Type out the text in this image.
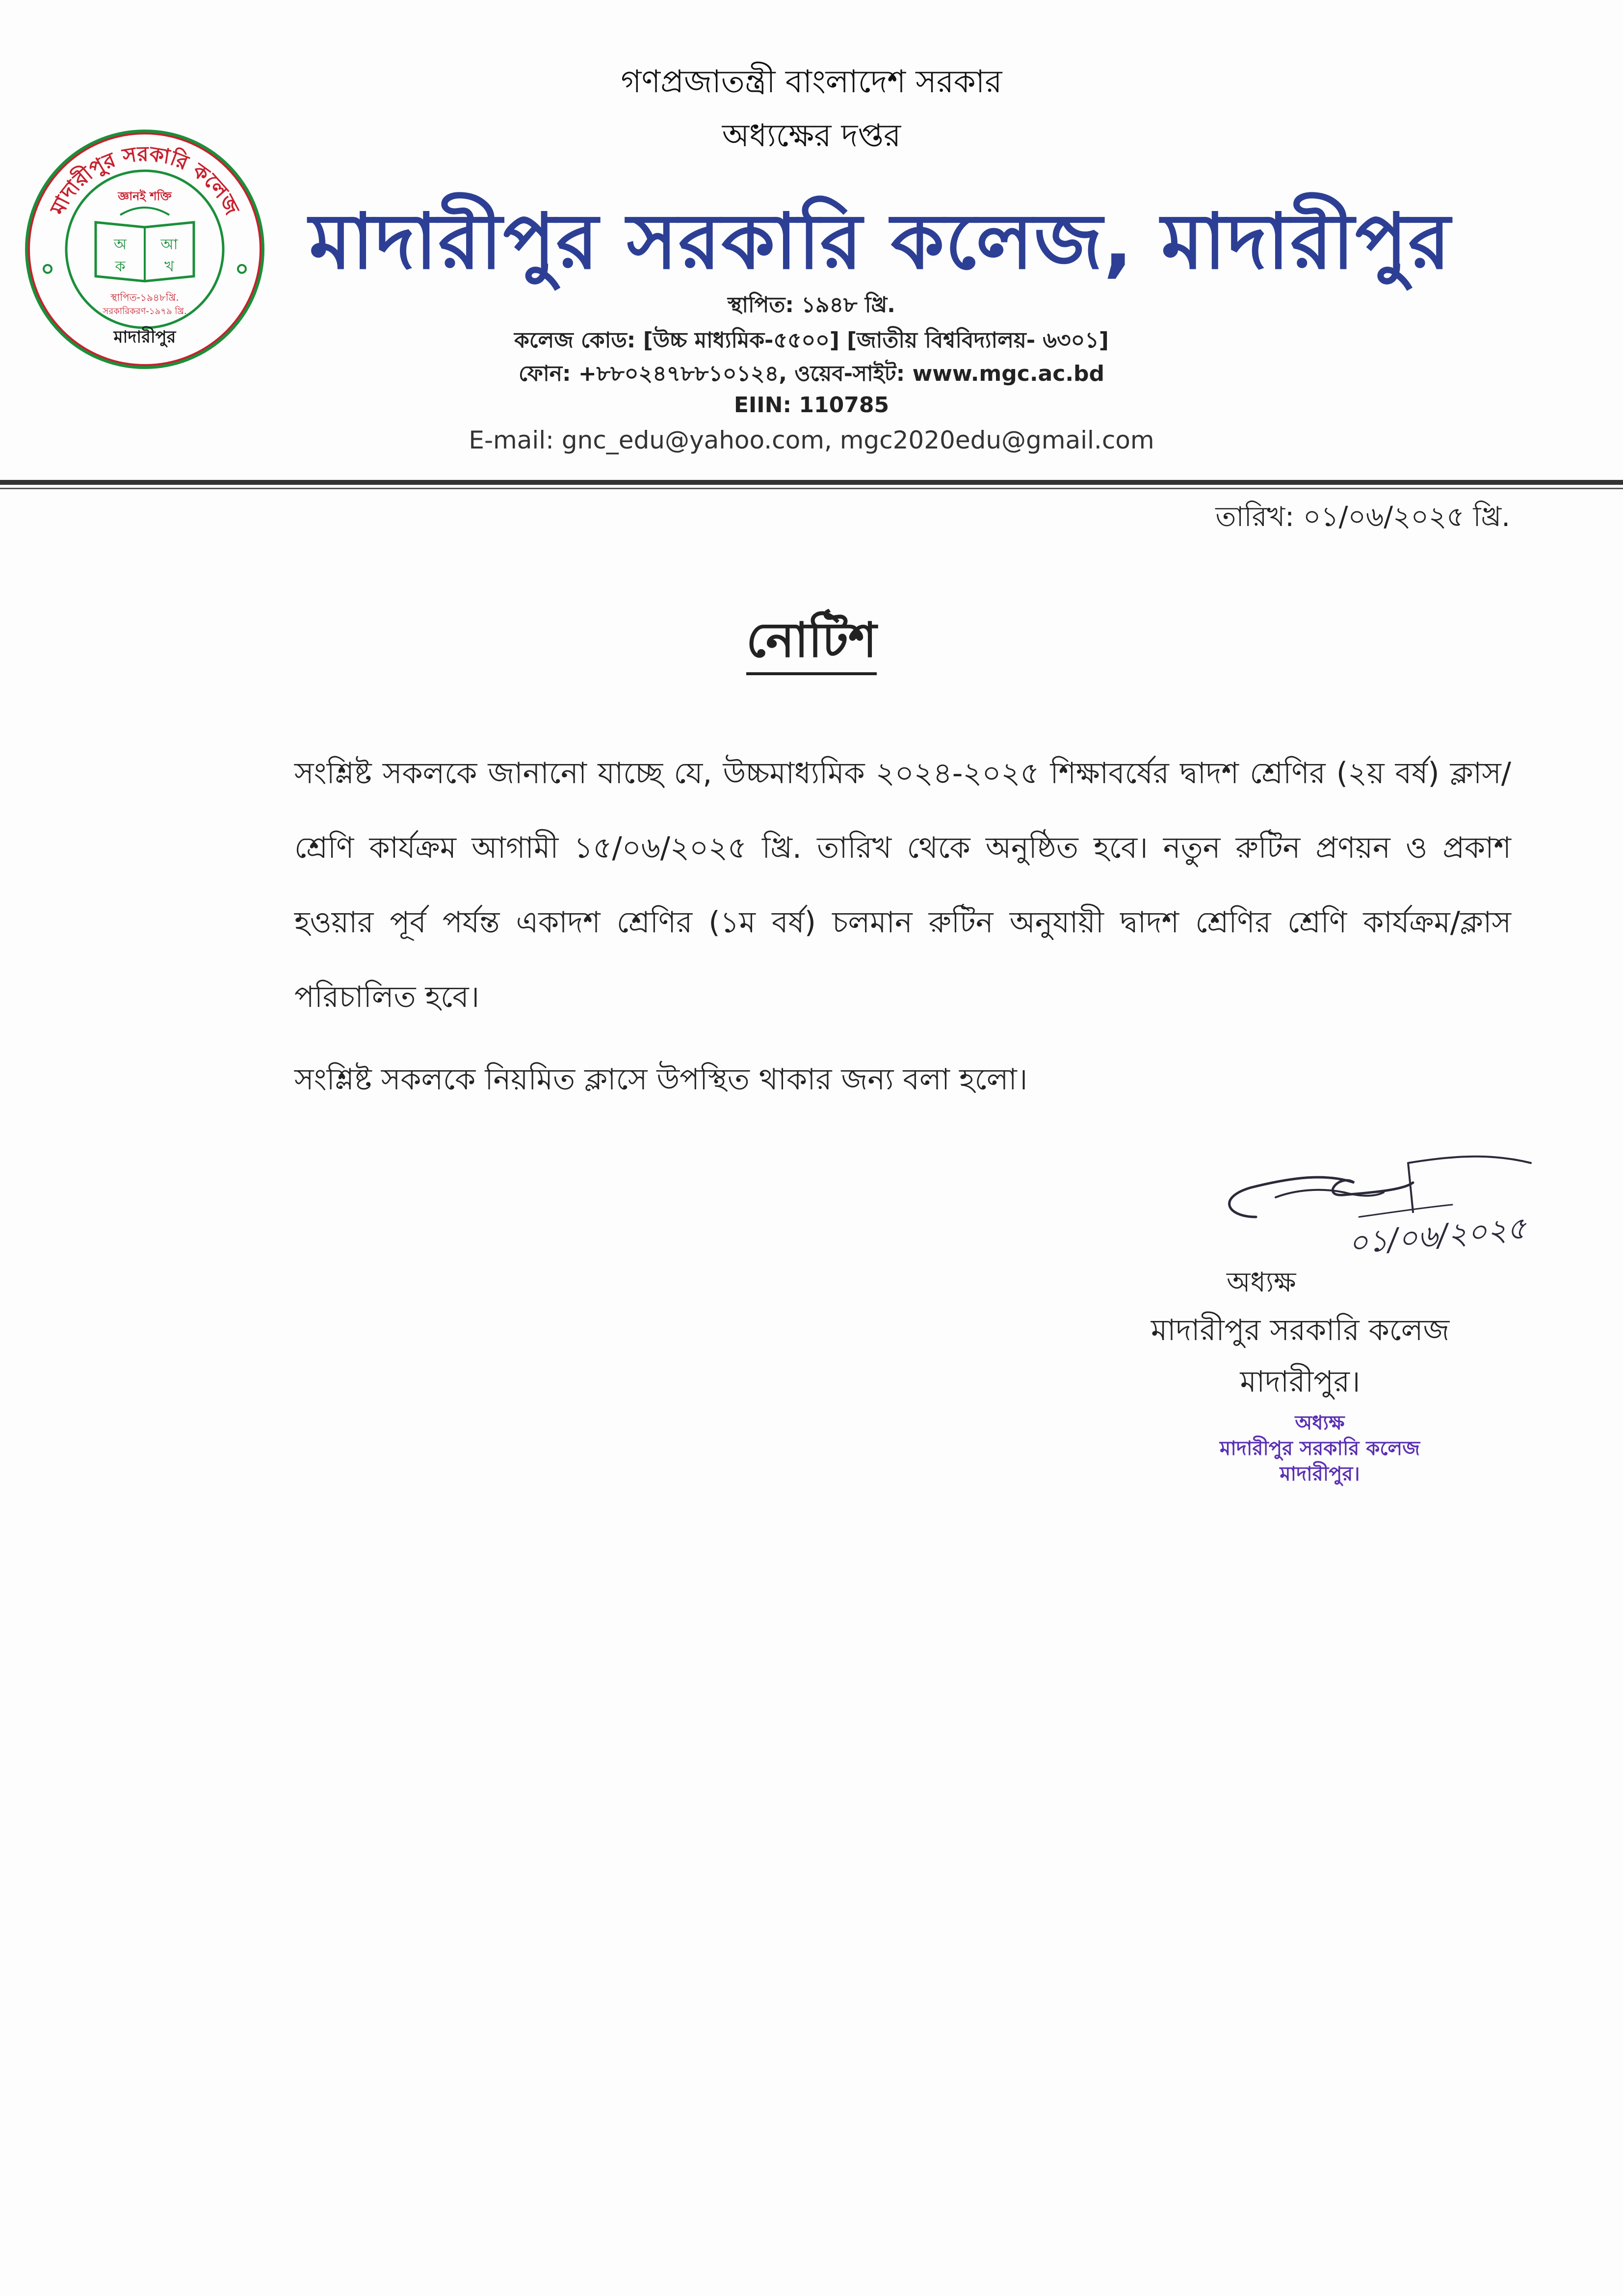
মাদারীপুর সরকারি কলেজ
জ্ঞানই শক্তি
অ আ
ক	খ
স্থাপিত-১৯৪৮খ্রি.
সরকারিকরণ-১৯৭৯ খ্রি.
মাদারীপুর
গণপ্রজাতন্ত্রী বাংলাদেশ সরকার
অধ্যক্ষের দপ্তর
মাদারীপুর সরকারি কলেজ, মাদারীপুর
স্থাপিত: ১৯৪৮ খ্রি.
কলেজ কোড: [উচ্চ মাধ্যমিক-৫৫০০] [জাতীয় বিশ্ববিদ্যালয়- ৬৩০১]
ফোন: +৮৮০২৪৭৮৮১০১২৪, ওয়েব-সাইট: www.mgc.ac.bd
EIIN: 110785
E-mail: gnc_edu@yahoo.com, mgc2020edu@gmail.com
তারিখ: ০১/০৬/২০২৫ খ্রি.
নোটিশ
সংশ্লিষ্ট সকলকে জানানো যাচ্ছে যে, উচ্চমাধ্যমিক ২০২৪-২০২৫ শিক্ষাবর্ষের দ্বাদশ শ্রেণির (২য় বর্ষ) ক্লাস/শ্রেণি কার্যক্রম আগামী ১৫/০৬/২০২৫ খ্রি. তারিখ থেকে অনুষ্ঠিত হবে। নতুন রুটিন প্রণয়ন ও প্রকাশ হওয়ার পূর্ব পর্যন্ত একাদশ শ্রেণির (১ম বর্ষ) চলমান রুটিন অনুযায়ী দ্বাদশ শ্রেণির শ্রেণি কার্যক্রম/ক্লাস পরিচালিত হবে।
সংশ্লিষ্ট সকলকে নিয়মিত ক্লাসে উপস্থিত থাকার জন্য বলা হলো।
০১/০৬/২০২৫
অধ্যক্ষ
মাদারীপুর সরকারি কলেজ
মাদারীপুর।
অধ্যক্ষ
মাদারীপুর সরকারি কলেজ
মাদারীপুর।
